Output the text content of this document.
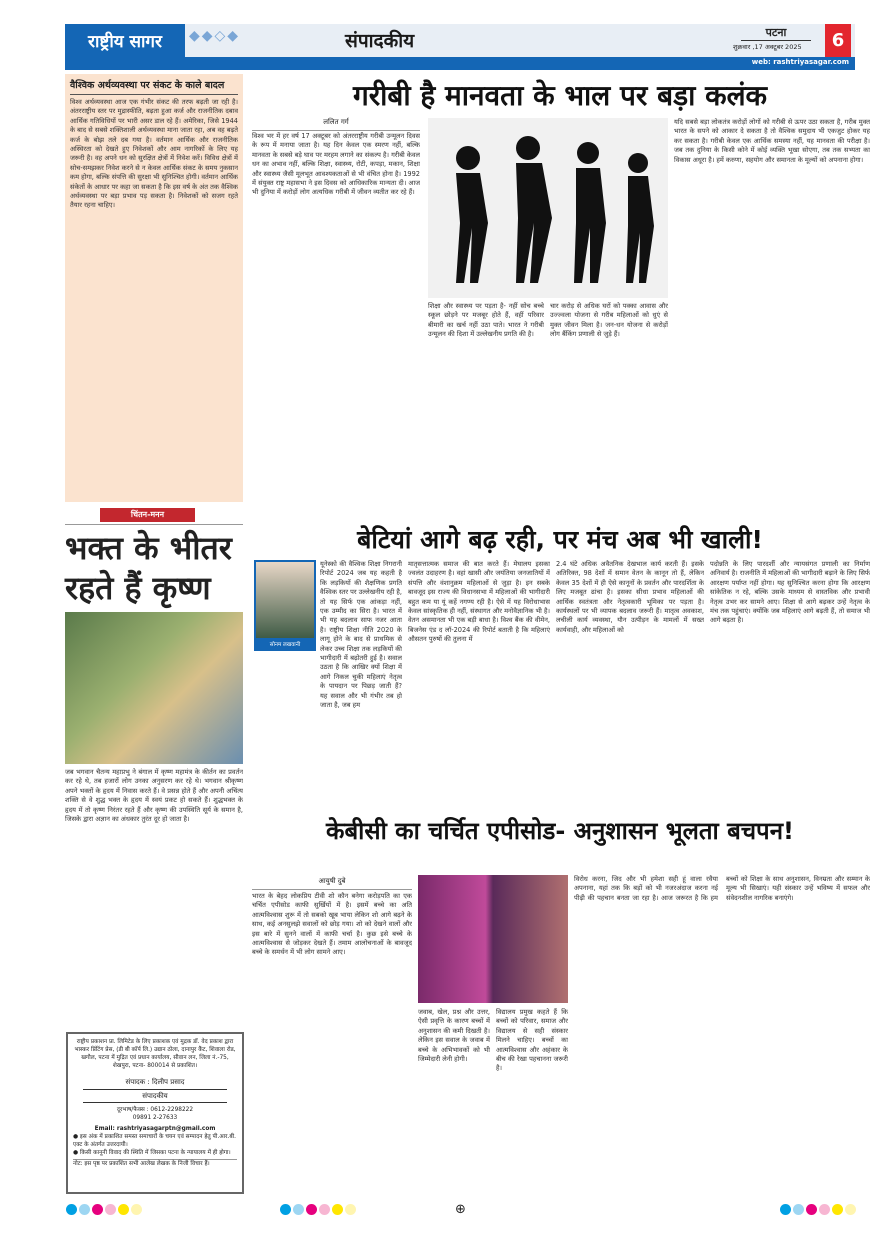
राष्ट्रीय सागर	◆◆◇◆	संपादकीय	पटना
शुक्रवार ,17 अक्टूबर 2025	6
web: rashtriyasagar.com
वैश्विक अर्थव्यवस्था पर संकट के काले बादल
विश्व अर्थव्यवस्था आज एक गंभीर संकट की तरफ बढ़ती जा रही है। अंतरराष्ट्रीय स्तर पर मुद्रास्फीति, बढ़ता हुआ कर्ज और राजनीतिक दबाव आर्थिक गतिविधियों पर भारी असर डाल रहे हैं। अमेरिका, जिसे 1944 के बाद से सबसे शक्तिशाली अर्थव्यवस्था माना जाता रहा, अब वह बढ़ते कर्ज के बोझ तले दब गया है। वर्तमान आर्थिक और राजनीतिक अस्थिरता को देखते हुए निवेशकों और आम नागरिकों के लिए यह जरूरी है। वह अपने धन को सुरक्षित क्षेत्रों में निवेश करें। विविध क्षेत्रों में सोच-समझकर निवेश करने से न केवल आर्थिक संकट के समय नुकसान कम होगा, बल्कि संपत्ति की सुरक्षा भी सुनिश्चित होगी। वर्तमान आर्थिक संकेतों के आधार पर कहा जा सकता है कि इस वर्ष के अंत तक वैश्विक अर्थव्यवस्था पर बड़ा प्रभाव पड़ सकता है। निवेशकों को सजग रहते तैयार रहना चाहिए।
चिंतन-मनन
भक्त के भीतर रहते हैं कृष्ण
जब भगवान चैतन्य महाप्रभु ने बंगाल में कृष्ण महामंत्र के कीर्तन का प्रवर्तन कर रहे थे, तब हजारों लोग उनका अनुसरण कर रहे थे। भगवान श्रीकृष्ण अपने भक्तों के हृदय में निवास करते हैं। वे प्रसन्न होते हैं और अपनी अचिंत्य शक्ति से वे शुद्ध भक्त के हृदय में स्वयं प्रकट हो सकते हैं। शुद्धभक्त के हृदय में तो कृष्ण निरंतर रहते हैं और कृष्ण की उपस्थिति सूर्य के समान है, जिसके द्वारा अज्ञान का अंधकार तुरंत दूर हो जाता है।
राष्ट्रीय प्रकाशन प्रा. लिमिटेड के लिए प्रकाशक एवं मुद्रक डॉ. वेद प्रकाश द्वारा भास्कर प्रिंटिंग प्रेस, (डी बी कॉर्प लि.) उद्यान ठोला, दानापुर कैंट, शिवाला रोड, खगौल, पटना में मुद्रित एवं प्रधान कार्यालय, सीवान लन, जिला नं.-75, शेखपुरा, पटना- 800014 से प्रकाशित।
संपादक : दिलीप प्रसाद
संपादकीय
दूरभाष/फैक्स : 0612-2298222
09891 2-27633
Email: rashtriyasagarptn@gmail.com
● इस अंक में प्रकाशित समस्त समाचारों के चयन एवं सम्पादन हेतु पी.आर.बी. एक्ट के अंतर्गत उत्तरदायी।
● किसी कानूनी विवाद की स्थिति में जिसका पटना के न्यायालय में ही होगा।
नोट: इस पृष्ठ पर प्रकाशित सभी आलेख लेखक के निजी विचार हैं।
गरीबी है मानवता के भाल पर बड़ा कलंक
ललित गर्ग
विश्व भर में हर वर्ष 17 अक्टूबर को अंतरराष्ट्रीय गरीबी उन्मूलन दिवस के रूप में मनाया जाता है। यह दिन केवल एक स्मरण नहीं, बल्कि मानवता के सबसे बड़े घाव पर मरहम लगाने का संकल्प है। गरीबी केवल धन का अभाव नहीं, बल्कि शिक्षा, स्वास्थ्य, रोटी, कपड़ा, मकान, शिक्षा और स्वास्थ्य जैसी मूलभूत आवश्यकताओं से भी वंचित होना है। 1992 में संयुक्त राष्ट्र महासभा ने इस दिवस को आधिकारिक मान्यता दी। आज भी दुनिया में करोड़ों लोग अत्यधिक गरीबी में जीवन व्यतीत कर रहे हैं।
शिक्षा और स्वास्थ्य पर पड़ता है- नहीं सोच बच्चे स्कूल छोड़ने पर मजबूर होते हैं, वहीं परिवार बीमारी का खर्च नहीं उठा पाते। भारत ने गरीबी उन्मूलन की दिशा में उल्लेखनीय प्रगति की है।
चार करोड़ से अधिक घरों को पक्का आवास और उज्ज्वला योजना से गरीब महिलाओं को धुएं से मुक्त जीवन मिला है। जन-धन योजना से करोड़ों लोग बैंकिंग प्रणाली से जुड़े हैं।
यदि सबसे बड़ा लोकतंत्र करोड़ों लोगों को गरीबी से ऊपर उठा सकता है, गरीब मुक्त भारत के सपने को आकार दे सकता है तो वैश्विक समुदाय भी एकजुट होकर यह कर सकता है। गरीबी केवल एक आर्थिक समस्या नहीं, यह मानवता की परीक्षा है। जब तक दुनिया के किसी कोने में कोई व्यक्ति भूखा सोएगा, तब तक सभ्यता का विकास अधूरा है। हमें करुणा, सहयोग और समानता के मूल्यों को अपनाना होगा।
बेटियां आगे बढ़ रही, पर मंच अब भी खाली!
सोनम लखवानी
यूनेस्को की वैश्विक शिक्षा निगरानी रिपोर्ट 2024 जब यह कहती है कि लड़कियों की शैक्षणिक प्रगति वैश्विक स्तर पर उल्लेखनीय रही है, तो यह सिर्फ एक आंकड़ा नहीं, एक उम्मीद का सिरा है। भारत में भी यह बदलाव साफ नजर आता है। राष्ट्रीय शिक्षा नीति 2020 के लागू होने के बाद से प्राथमिक से लेकर उच्च शिक्षा तक लड़कियों की भागीदारी में बढ़ोतरी हुई है। सवाल उठता है कि आखिर क्यों शिक्षा में आगे निकल चुकी महिलाएं नेतृत्व के पायदान पर पिछड़ जाती हैं? यह सवाल और भी गंभीर तब हो जाता है, जब हम
मातृसत्तात्मक समाज की बात करते हैं। मेघालय इसका ज्वलंत उदाहरण है। वहां खासी और जयंतिया जनजातियों में संपत्ति और वंशानुक्रम महिलाओं से जुड़ा है। इन सबके बावजूद इस राज्य की विधानसभा में महिलाओं की भागीदारी बहुत कम या यूं कहें नगण्य रही है। ऐसे में यह विरोधाभास केवल सांस्कृतिक ही नहीं, संस्थागत और मनोवैज्ञानिक भी है। वेतन असमानता भी एक बड़ी बाधा है। विश्व बैंक की वीमेन, बिजनेस एंड द लॉ-2024 की रिपोर्ट बताती है कि महिलाएं औसतन पुरुषों की तुलना में
2.4 घंटे अधिक अवैतनिक देखभाल कार्य करती हैं। इसके अतिरिक्त, 98 देशों में समान वेतन के कानून तो हैं, लेकिन केवल 35 देशों में ही ऐसे कानूनों के प्रवर्तन और पारदर्शिता के लिए मजबूत ढांचा है। इसका सीधा प्रभाव महिलाओं की आर्थिक स्वतंत्रता और नेतृत्वकारी भूमिका पर पड़ता है। कार्यस्थलों पर भी व्यापक बदलाव जरूरी हैं। मातृत्व अवकाश, लचीली कार्य व्यवस्था, यौन उत्पीड़न के मामलों में सख्त कार्यवाही, और महिलाओं को
पदोन्नति के लिए पारदर्शी और न्यायसंगत प्रणाली का निर्माण अनिवार्य है। राजनीति में महिलाओं की भागीदारी बढ़ाने के लिए सिर्फ आरक्षण पर्याप्त नहीं होगा। यह सुनिश्चित करना होगा कि आरक्षण सांकेतिक न रहे, बल्कि उसके माध्यम से वास्तविक और प्रभावी नेतृत्व उभर कर सामने आए। शिक्षा से आगे बढ़कर उन्हें नेतृत्व के मंच तक पहुंचाएं। क्योंकि जब महिलाएं आगे बढ़ती हैं, तो समाज भी आगे बढ़ता है।
केबीसी का चर्चित एपीसोड- अनुशासन भूलता बचपन!
आयुषी दुबे
भारत के बेहद लोकप्रिय टीवी शो कौन बनेगा करोड़पति का एक चर्चित एपीसोड काफी सुर्खियों में है। इसमें बच्चे का अति आत्मविश्वास शुरू में तो सबको खूब भाया लेकिन शो आगे बढ़ने के साथ, कई अनसुलझे सवालों को छोड़ गया। शो को देखने वालों और इस बारे में सुनने वालों में काफी चर्चा है। कुछ इसे बच्चे के आत्मविश्वास से जोड़कर देखते हैं। तमाम आलोचनाओं के बावजूद बच्चे के समर्थन में भी लोग सामने आए।
जवाब, खेल, प्रश्न और उत्तर, ऐसी प्रवृत्ति के कारण बच्चों में अनुशासन की कमी दिखती है। लेकिन इस सवाल के जवाब में बच्चे के अभिभावकों को भी जिम्मेदारी लेनी होगी।
विद्यालय प्रमुख कहते हैं कि बच्चों को परिवार, समाज और विद्यालय से सही संस्कार मिलने चाहिए। बच्चों का आत्मविश्वास और अहंकार के बीच की रेखा पहचानना जरूरी है।
विरोध करना, जिद और भी हमेशा सही हूं वाला रवैया अपनाना, यहां तक कि बड़ों को भी नजरअंदाज करना नई पीढ़ी की पहचान बनता जा रहा है। आज जरूरत है कि हम बच्चों को शिक्षा के साथ अनुशासन, विनम्रता और सम्मान के मूल्य भी सिखाएं। यही संस्कार उन्हें भविष्य में सफल और संवेदनशील नागरिक बनाएंगे।
⊕
